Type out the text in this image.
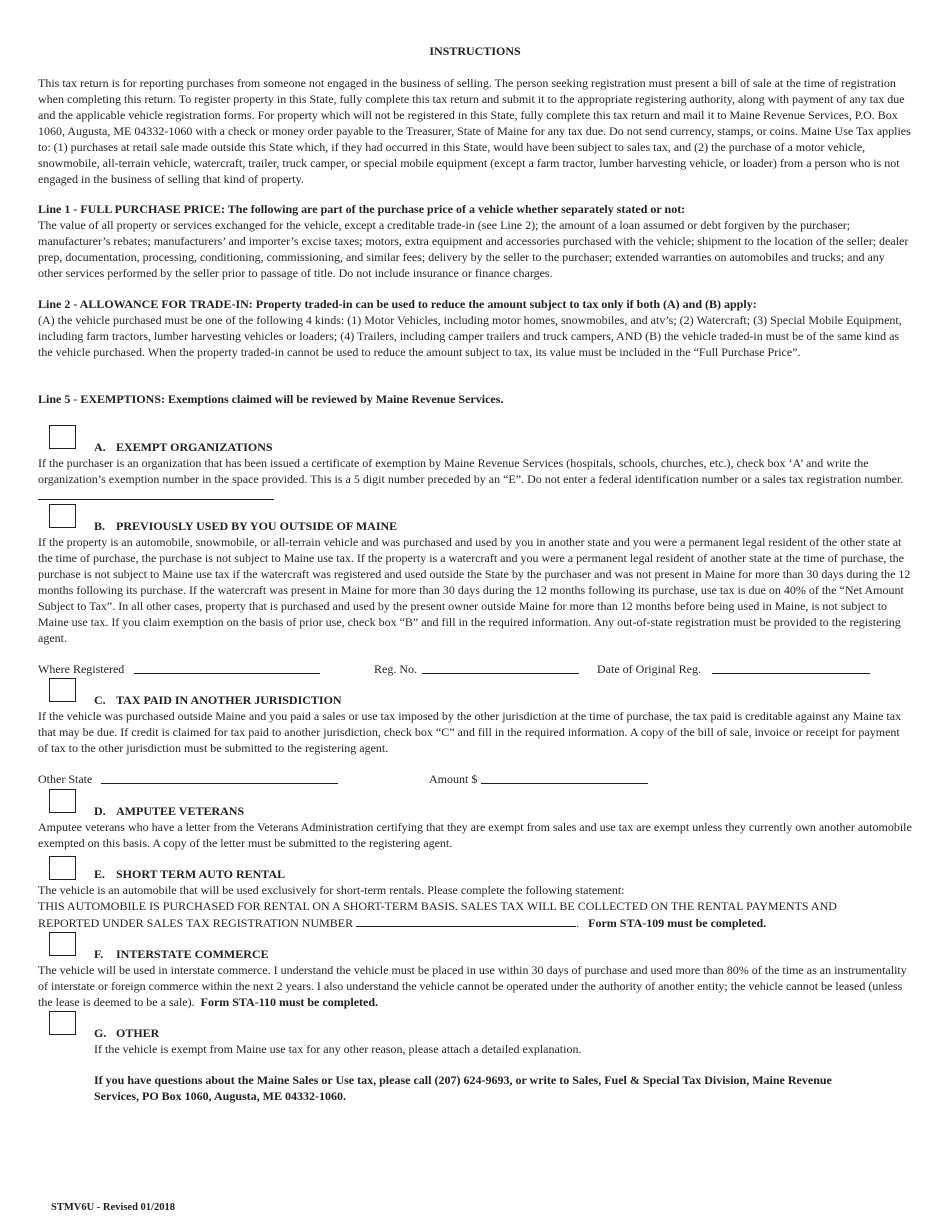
INSTRUCTIONS

This tax return is for reporting purchases from someone not engaged in the business of selling. The person seeking registration must present a bill of sale at the time of registration when completing this return. To register property in this State, fully complete this tax return and submit it to the appropriate registering authority, along with payment of any tax due and the applicable vehicle registration forms. For property which will not be registered in this State, fully complete this tax return and mail it to Maine Revenue Services, P.O. Box 1060, Augusta, ME 04332-1060 with a check or money order payable to the Treasurer, State of Maine for any tax due. Do not send currency, stamps, or coins. Maine Use Tax applies to: (1) purchases at retail sale made outside this State which, if they had occurred in this State, would have been subject to sales tax, and (2) the purchase of a motor vehicle, snowmobile, all-terrain vehicle, watercraft, trailer, truck camper, or special mobile equipment (except a farm tractor, lumber harvesting vehicle, or loader) from a person who is not engaged in the business of selling that kind of property.

Line 1 - FULL PURCHASE PRICE: The following are part of the purchase price of a vehicle whether separately stated or not:

The value of all property or services exchanged for the vehicle, except a creditable trade-in (see Line 2); the amount of a loan assumed or debt forgiven by the purchaser; manufacturer’s rebates; manufacturers’ and importer’s excise taxes; motors, extra equipment and accessories purchased with the vehicle; shipment to the location of the seller; dealer prep, documentation, processing, conditioning, commissioning, and similar fees; delivery by the seller to the purchaser; extended warranties on automobiles and trucks; and any other services performed by the seller prior to passage of title. Do not include insurance or finance charges.

Line 2 - ALLOWANCE FOR TRADE-IN: Property traded-in can be used to reduce the amount subject to tax only if both (A) and (B) apply:

(A) the vehicle purchased must be one of the following 4 kinds: (1) Motor Vehicles, including motor homes, snowmobiles, and atv’s; (2) Watercraft; (3) Special Mobile Equipment, including farm tractors, lumber harvesting vehicles or loaders; (4) Trailers, including camper trailers and truck campers, AND (B) the vehicle traded-in must be of the same kind as the vehicle purchased. When the property traded-in cannot be used to reduce the amount subject to tax, its value must be included in the “Full Purchase Price”.

Line 5 - EXEMPTIONS: Exemptions claimed will be reviewed by Maine Revenue Services.

A. EXEMPT ORGANIZATIONS
If the purchaser is an organization that has been issued a certificate of exemption by Maine Revenue Services (hospitals, schools, churches, etc.), check box ‘A’ and write the organization’s exemption number in the space provided. This is a 5 digit number preceded by an “E”. Do not enter a federal identification number or a sales tax registration number.
B. PREVIOUSLY USED BY YOU OUTSIDE OF MAINE

If the property is an automobile, snowmobile, or all-terrain vehicle and was purchased and used by you in another state and you were a permanent legal resident of the other state at the time of purchase, the purchase is not subject to Maine use tax. If the property is a watercraft and you were a permanent legal resident of another state at the time of purchase, the purchase is not subject to Maine use tax if the watercraft was registered and used outside the State by the purchaser and was not present in Maine for more than 30 days during the 12 months following its purchase. If the watercraft was present in Maine for more than 30 days during the 12 months following its purchase, use tax is due on 40% of the “Net Amount Subject to Tax”. In all other cases, property that is purchased and used by the present owner outside Maine for more than 12 months before being used in Maine, is not subject to Maine use tax. If you claim exemption on the basis of prior use, check box “B” and fill in the required information. Any out-of-state registration must be provided to the registering agent.

Where Registered	Reg. No.	Date of Original Reg.
C. TAX PAID IN ANOTHER JURISDICTION

If the vehicle was purchased outside Maine and you paid a sales or use tax imposed by the other jurisdiction at the time of purchase, the tax paid is creditable against any Maine tax that may be due. If credit is claimed for tax paid to another jurisdiction, check box “C” and fill in the required information. A copy of the bill of sale, invoice or receipt for payment of tax to the other jurisdiction must be submitted to the registering agent.

Other State	Amount $
D. AMPUTEE VETERANS

Amputee veterans who have a letter from the Veterans Administration certifying that they are exempt from sales and use tax are exempt unless they currently own another automobile exempted on this basis. A copy of the letter must be submitted to the registering agent.

E. SHORT TERM AUTO RENTAL

The vehicle is an automobile that will be used exclusively for short-term rentals. Please complete the following statement:

THIS AUTOMOBILE IS PURCHASED FOR RENTAL ON A SHORT-TERM BASIS. SALES TAX WILL BE COLLECTED ON THE RENTAL PAYMENTS AND

REPORTED UNDER SALES TAX REGISTRATION NUMBER	.   Form STA-109 must be completed.

F. INTERSTATE COMMERCE

The vehicle will be used in interstate commerce. I understand the vehicle must be placed in use within 30 days of purchase and used more than 80% of the time as an instrumentality of interstate or foreign commerce within the next 2 years. I also understand the vehicle cannot be operated under the authority of another entity; the vehicle cannot be leased (unless the lease is deemed to be a sale). Form STA-110 must be completed.

G. OTHER

If the vehicle is exempt from Maine use tax for any other reason, please attach a detailed explanation.

If you have questions about the Maine Sales or Use tax, please call (207) 624-9693, or write to Sales, Fuel & Special Tax Division, Maine Revenue Services, PO Box 1060, Augusta, ME 04332-1060.

STMV6U - Revised 01/2018
